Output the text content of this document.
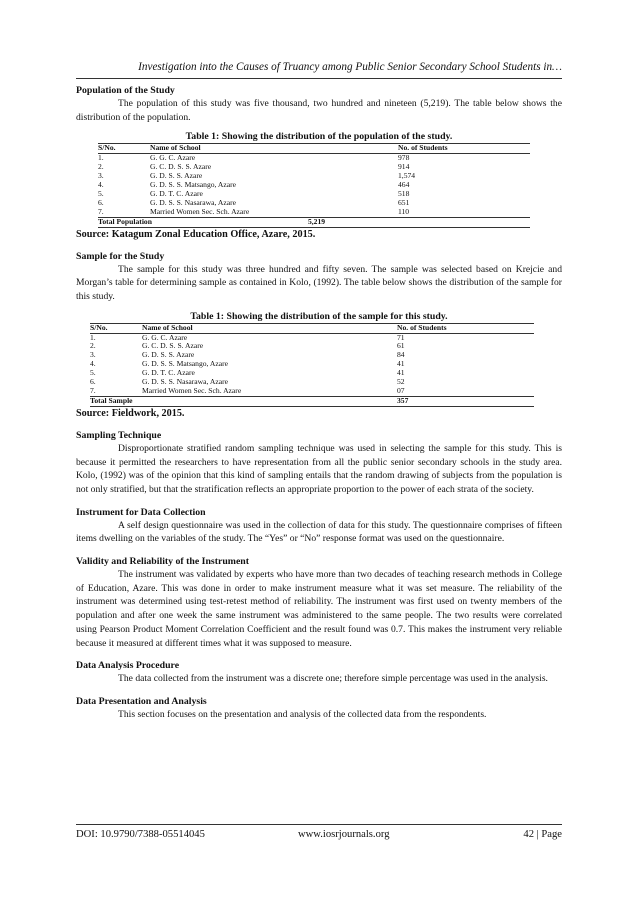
Investigation into the Causes of Truancy among Public Senior Secondary School Students in…
Population of the Study

The population of this study was five thousand, two hundred and nineteen (5,219). The table below shows the distribution of the population.

Table 1: Showing the distribution of the population of the study.
S/No.	Name of School	No. of Students
1.	G. G. C. Azare	978
2.	G. C. D. S. S. Azare	914
3.	G. D. S. S. Azare	1,574
4.	G. D. S. S. Matsango, Azare	464
5.	G. D. T. C. Azare	518
6.	G. D. S. S. Nasarawa, Azare	651
7.	Married Women Sec. Sch. Azare	110
Total Population 5,219		
Source: Katagum Zonal Education Office, Azare, 2015.
Sample for the Study

The sample for this study was three hundred and fifty seven. The sample was selected based on Krejcie and Morgan’s table for determining sample as contained in Kolo, (1992). The table below shows the distribution of the sample for this study.

Table 1: Showing the distribution of the sample for this study.
S/No.	Name of School	No. of Students
1.	G. G. C. Azare	71
2.	G. C. D. S. S. Azare	61
3.	G. D. S. S. Azare	84
4.	G. D. S. S. Matsango, Azare	41
5.	G. D. T. C. Azare	41
6.	G. D. S. S. Nasarawa, Azare	52
7.	Married Women Sec. Sch. Azare	07
Total Sample		357
Source: Fieldwork, 2015.
Sampling Technique

Disproportionate stratified random sampling technique was used in selecting the sample for this study. This is because it permitted the researchers to have representation from all the public senior secondary schools in the study area. Kolo, (1992) was of the opinion that this kind of sampling entails that the random drawing of subjects from the population is not only stratified, but that the stratification reflects an appropriate proportion to the power of each strata of the society.

Instrument for Data Collection

A self design questionnaire was used in the collection of data for this study. The questionnaire comprises of fifteen items dwelling on the variables of the study. The “Yes” or “No” response format was used on the questionnaire.

Validity and Reliability of the Instrument

The instrument was validated by experts who have more than two decades of teaching research methods in College of Education, Azare. This was done in order to make instrument measure what it was set measure. The reliability of the instrument was determined using test-retest method of reliability. The instrument was first used on twenty members of the population and after one week the same instrument was administered to the same people. The two results were correlated using Pearson Product Moment Correlation Coefficient and the result found was 0.7. This makes the instrument very reliable because it measured at different times what it was supposed to measure.

Data Analysis Procedure

The data collected from the instrument was a discrete one; therefore simple percentage was used in the analysis.

Data Presentation and Analysis

This section focuses on the presentation and analysis of the collected data from the respondents.

DOI: 10.9790/7388-05514045	www.iosrjournals.org	42 | Page
